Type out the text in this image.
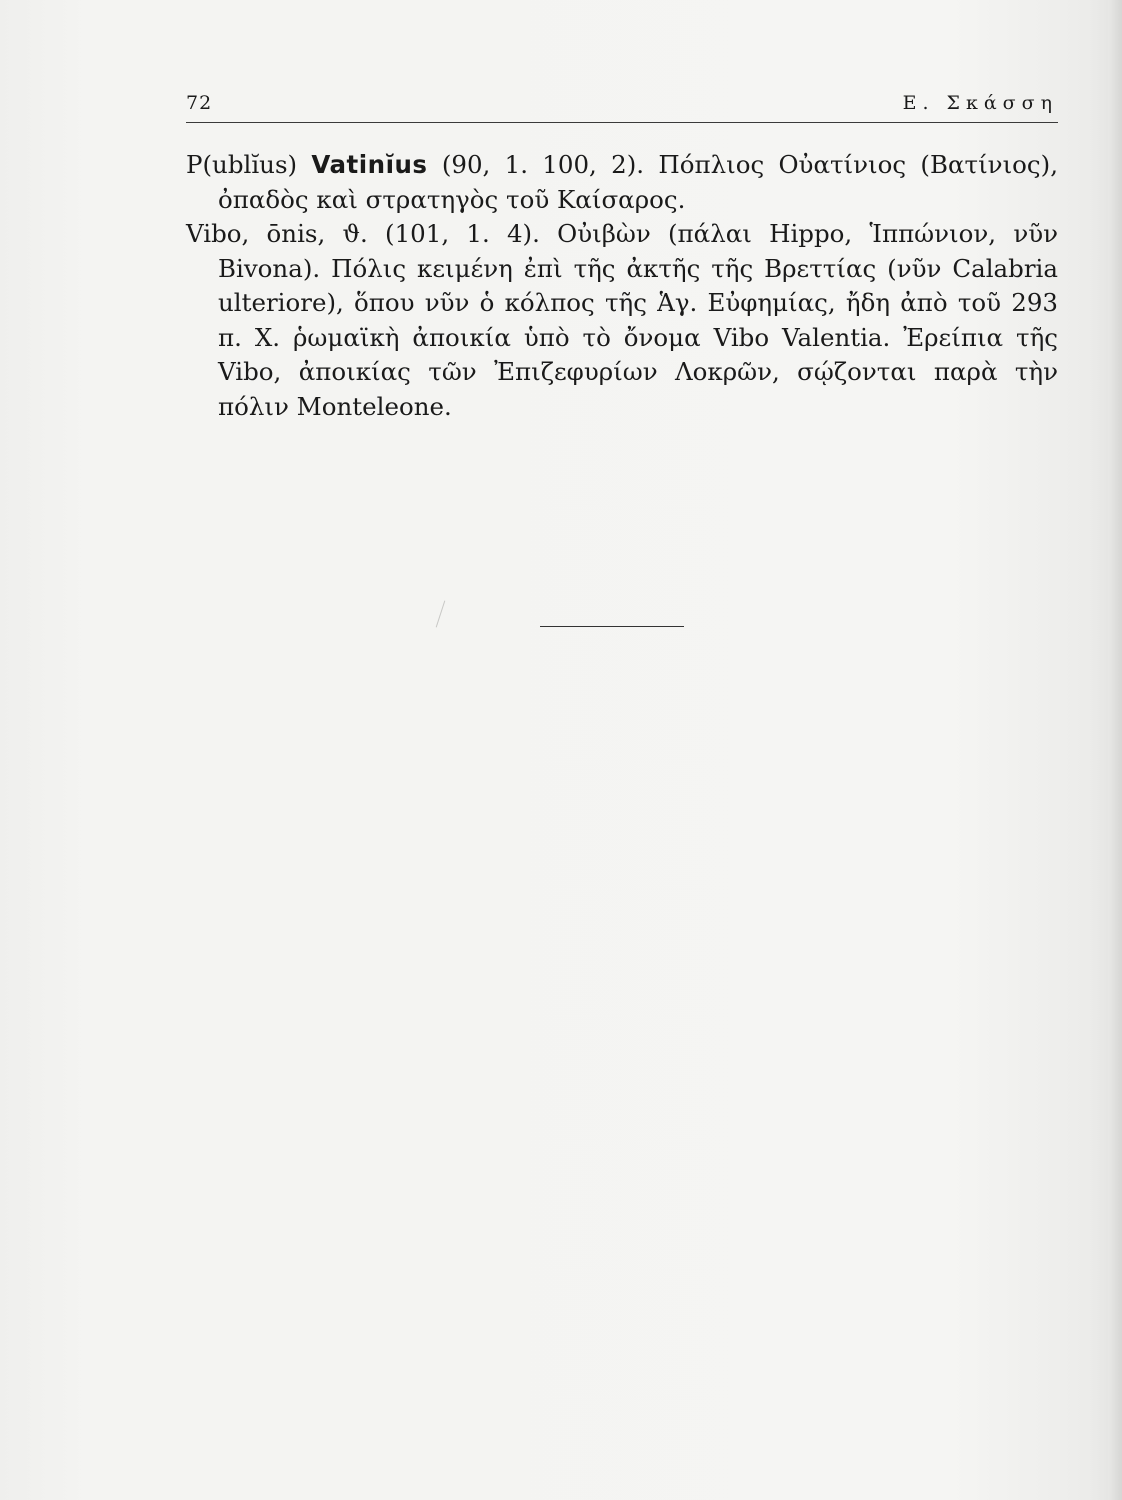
72	Ε. Σκάσση

P(ublĭus) Vatinĭus (90, 1. 100, 2). Πόπλιος Οὐατίνιος (Βατίνιος), ὀπαδὸς καὶ στρατηγὸς τοῦ Καίσαρος.

Vibo, ōnis, ϑ. (101, 1. 4). Οὐιβὼν (πάλαι Hippo, Ἱππώνιον, νῦν Bivona). Πόλις κειμένη ἐπὶ τῆς ἀκτῆς τῆς Βρεττίας (νῦν Calabria ulteriore), ὅπου νῦν ὁ κόλπος τῆς Ἁγ. Εὐφημίας, ἤδη ἀπὸ τοῦ 293 π. Χ. ῥωμαϊκὴ ἀποικία ὑπὸ τὸ ὄνομα Vibo Valentia. Ἐρείπια τῆς Vibo, ἀποικίας τῶν Ἐπιζεφυρίων Λοκρῶν, σῴζονται παρὰ τὴν πόλιν Monteleone.
